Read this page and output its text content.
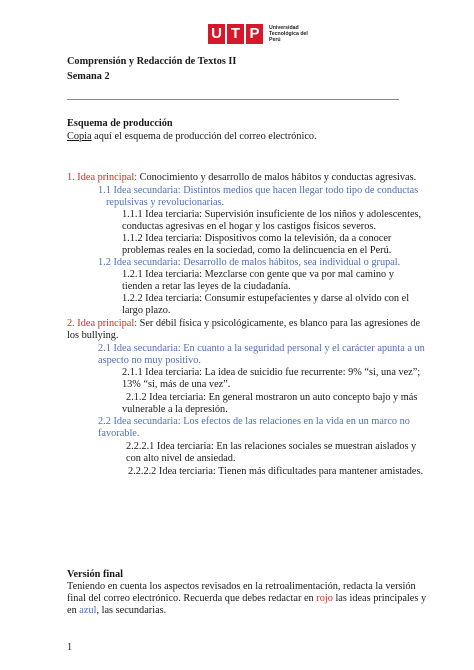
U T P	Universidad Tecnológica del Perú
Comprensión y Redacción de Textos II
Semana 2
Esquema de producción
Copia aquí el esquema de producción del correo electrónico.
1. Idea principal: Conocimiento y desarrollo de malos hábitos y conductas agresivas.
1.1 Idea secundaria: Distintos medios que hacen llegar todo tipo de conductas
repulsivas y revolucionarias.
1.1.1 Idea terciaria: Supervisión insuficiente de los niños y adolescentes,
conductas agresivas en el hogar y los castigos físicos severos.
1.1.2 Idea terciaria: Dispositivos como la televisión, da a conocer
problemas reales en la sociedad, como la delincuencia en el Perú.
1.2 Idea secundaria: Desarrollo de malos hábitos, sea individual o grupal.
1.2.1 Idea terciaria: Mezclarse con gente que va por mal camino y
tienden a retar las leyes de la ciudadanía.
1.2.2 Idea terciaria: Consumir estupefacientes y darse al olvido con el
largo plazo.
2. Idea principal: Ser débil física y psicológicamente, es blanco para las agresiones de
los bullying.
2.1 Idea secundaria: En cuanto a la seguridad personal y el carácter apunta a un
aspecto no muy positivo.
2.1.1 Idea terciaria: La idea de suicidio fue recurrente: 9% “si, una vez”;
13% “si, más de una vez”.
2.1.2 Idea terciaria: En general mostraron un auto concepto bajo y más
vulnerable a la depresión.
2.2 Idea secundaria: Los efectos de las relaciones en la vida en un marco no
favorable.
2.2.2.1 Idea terciaria: En las relaciones sociales se muestran aislados y
con alto nivel de ansiedad.
2.2.2.2 Idea terciaria: Tienen más dificultades para mantener amistades.
Versión final
Teniendo en cuenta los aspectos revisados en la retroalimentación, redacta la versión
final del correo electrónico. Recuerda que debes redactar en rojo las ideas principales y
en azul, las secundarias.
1
